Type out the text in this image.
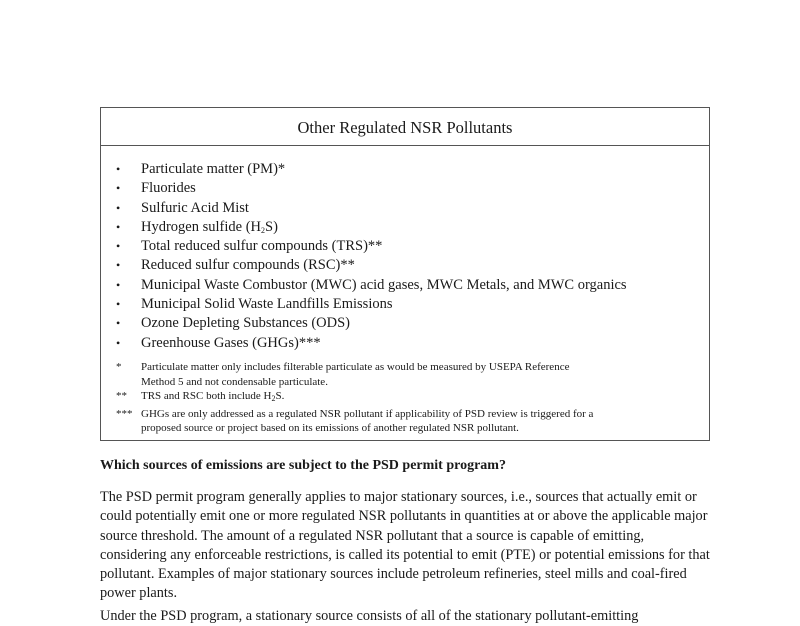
Other Regulated NSR Pollutants
• Particulate matter (PM)*
• Fluorides
• Sulfuric Acid Mist
• Hydrogen sulfide $(H_2S)$
• Total reduced sulfur compounds (TRS)**
• Reduced sulfur compounds (RSC)**
• Municipal Waste Combustor (MWC) acid gases, MWC Metals, and MWC organics
• Municipal Solid Waste Landfills Emissions
• Ozone Depleting Substances (ODS)
• Greenhouse Gases (GHGs)***
*	Particulate matter only includes filterable particulate as would be measured by USEPA Reference
Method 5 and not condensable particulate.
**	TRS and RSC both include $H_2S$.
*** GHGs are only addressed as a regulated NSR pollutant if applicability of PSD review is triggered for a
proposed source or project based on its emissions of another regulated NSR pollutant.
Which sources of emissions are subject to the PSD permit program?
The PSD permit program generally applies to major stationary sources, i.e., sources that actually emit or could potentially emit one or more regulated NSR pollutants in quantities at or above the applicable major source threshold. The amount of a regulated NSR pollutant that a source is capable of emitting, considering any enforceable restrictions, is called its potential to emit (PTE) or potential emissions for that pollutant. Examples of major stationary sources include petroleum refineries, steel mills and coal-fired power plants.
Under the PSD program, a stationary source consists of all of the stationary pollutant-emitting
